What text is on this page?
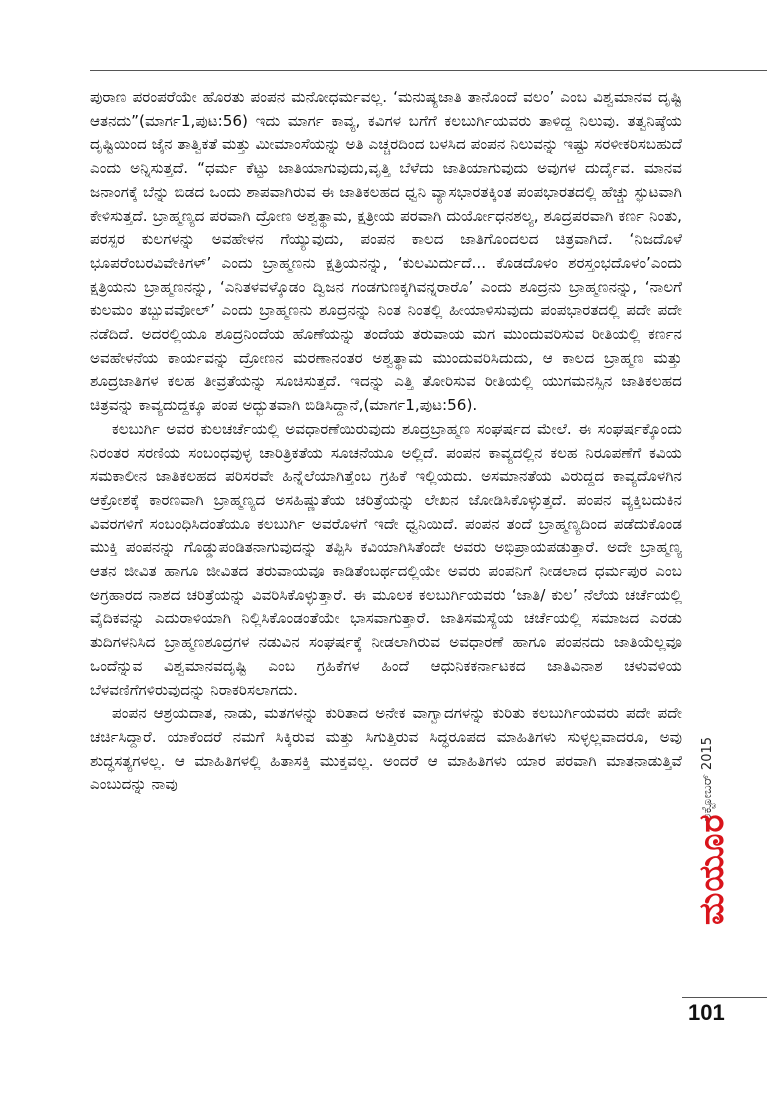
ಪುರಾಣ ಪರಂಪರೆಯೇ ಹೊರತು ಪಂಪನ ಮನೋಧರ್ಮವಲ್ಲ. ‘ಮನುಷ್ಯಜಾತಿ ತಾನೊಂದೆ ವಲಂ’ ಎಂಬ ವಿಶ್ವಮಾನವ ದೃಷ್ಟಿ ಆತನದು”(ಮಾರ್ಗ1,ಪುಟ:56) ಇದು ಮಾರ್ಗ ಕಾವ್ಯ, ಕವಿಗಳ ಬಗೆಗೆ ಕಲಬುರ್ಗಿಯವರು ತಾಳಿದ್ದ ನಿಲುವು. ತತ್ವನಿಷ್ಠೆಯ ದೃಷ್ಟಿಯಿಂದ ಜೈನ ತಾತ್ವಿಕತೆ ಮತ್ತು ಮೀಮಾಂಸೆಯನ್ನು ಅತಿ ಎಚ್ಚರದಿಂದ ಬಳಸಿದ ಪಂಪನ ನಿಲುವನ್ನು ಇಷ್ಟು ಸರಳೀಕರಿಸಬಹುದೆ ಎಂದು ಅನ್ನಿಸುತ್ತದೆ. “ಧರ್ಮ ಕೆಟ್ಟು ಜಾತಿಯಾಗುವುದು,ವೃತ್ತಿ ಬೆಳೆದು ಜಾತಿಯಾಗುವುದು ಅವುಗಳ ದುರ್ದೈವ. ಮಾನವ ಜನಾಂಗಕ್ಕೆ ಬೆನ್ನು ಬಿಡದ ಒಂದು ಶಾಪವಾಗಿರುವ ಈ ಜಾತಿಕಲಹದ ಧ್ವನಿ ವ್ಯಾಸಭಾರತಕ್ಕಿಂತ ಪಂಪಭಾರತದಲ್ಲಿ ಹೆಚ್ಚು ಸ್ಫುಟವಾಗಿ ಕೇಳಿಸುತ್ತದೆ. ಬ್ರಾಹ್ಮಣ್ಯದ ಪರವಾಗಿ ದ್ರೋಣ ಅಶ್ವತ್ಥಾಮ, ಕ್ಷತ್ರೀಯ ಪರವಾಗಿ ದುರ್ಯೋಧನಶಲ್ಯ, ಶೂದ್ರಪರವಾಗಿ ಕರ್ಣ ನಿಂತು, ಪರಸ್ಪರ ಕುಲಗಳನ್ನು ಅವಹೇಳನ ಗೆಯ್ಯುವುದು, ಪಂಪನ ಕಾಲದ ಜಾತಿಗೊಂದಲದ ಚಿತ್ರವಾಗಿದೆ. ‘ನಿಜದೊಳೆ ಭೂಪರೆಂಬರವಿವೇಕಿಗಳ್’ ಎಂದು ಬ್ರಾಹ್ಮಣನು ಕ್ಷತ್ರಿಯನನ್ನು, ‘ಕುಲಮಿರ್ದುದೆ... ಕೊಡದೊಳಂ ಶರಸ್ತಂಭದೊಳಂ’ಎಂದು ಕ್ಷತ್ರಿಯನು ಬ್ರಾಹ್ಮಣನನ್ನು, ‘ಎನಿತಳವಳ್ಕೊಡಂ ದ್ವಿಜನ ಗಂಡಗುಣಕ್ಕಗಿವನ್ನರಾರೊ’ ಎಂದು ಶೂದ್ರನು ಬ್ರಾಹ್ಮಣನನ್ನು, ‘ನಾಲಗೆ ಕುಲಮಂ ತಬ್ಬುವವೋಲ್’ ಎಂದು ಬ್ರಾಹ್ಮಣನು ಶೂದ್ರನನ್ನು ನಿಂತ ನಿಂತಲ್ಲಿ ಹೀಯಾಳಿಸುವುದು ಪಂಪಭಾರತದಲ್ಲಿ ಪದೇ ಪದೇ ನಡೆದಿದೆ. ಅದರಲ್ಲಿಯೂ ಶೂದ್ರನಿಂದೆಯ ಹೊಣೆಯನ್ನು ತಂದೆಯ ತರುವಾಯ ಮಗ ಮುಂದುವರಿಸುವ ರೀತಿಯಲ್ಲಿ ಕರ್ಣನ ಅವಹೇಳನೆಯ ಕಾರ್ಯವನ್ನು ದ್ರೋಣನ ಮರಣಾನಂತರ ಅಶ್ವತ್ಥಾಮ ಮುಂದುವರಿಸಿದುದು, ಆ ಕಾಲದ ಬ್ರಾಹ್ಮಣ ಮತ್ತು ಶೂದ್ರಜಾತಿಗಳ ಕಲಹ ತೀವ್ರತೆಯನ್ನು ಸೂಚಿಸುತ್ತದೆ. ಇದನ್ನು ಎತ್ತಿ ತೋರಿಸುವ ರೀತಿಯಲ್ಲಿ ಯುಗಮನಸ್ಸಿನ ಜಾತಿಕಲಹದ ಚಿತ್ರವನ್ನು ಕಾವ್ಯದುದ್ದಕ್ಕೂ ಪಂಪ ಅದ್ಭುತವಾಗಿ ಬಿಡಿಸಿದ್ದಾನೆ,(ಮಾರ್ಗ1,ಪುಟ:56).

ಕಲಬುರ್ಗಿ ಅವರ ಕುಲಚರ್ಚೆಯಲ್ಲಿ ಅವಧಾರಣೆಯಿರುವುದು ಶೂದ್ರಬ್ರಾಹ್ಮಣ ಸಂಘರ್ಷದ ಮೇಲೆ. ಈ ಸಂಘರ್ಷಕ್ಕೊಂದು ನಿರಂತರ ಸರಣಿಯ ಸಂಬಂಧವುಳ್ಳ ಚಾರಿತ್ರಿಕತೆಯ ಸೂಚನೆಯೂ ಅಲ್ಲಿದೆ. ಪಂಪನ ಕಾವ್ಯದಲ್ಲಿನ ಕಲಹ ನಿರೂಪಣೆಗೆ ಕವಿಯ ಸಮಕಾಲೀನ ಜಾತಿಕಲಹದ ಪರಿಸರವೇ ಹಿನ್ನೆಲೆಯಾಗಿತ್ತೆಂಬ ಗ್ರಹಿಕೆ ಇಲ್ಲಿಯದು. ಅಸಮಾನತೆಯ ವಿರುದ್ದದ ಕಾವ್ಯದೊಳಗಿನ ಆಕ್ರೋಶಕ್ಕೆ ಕಾರಣವಾಗಿ ಬ್ರಾಹ್ಮಣ್ಯದ ಅಸಹಿಷ್ಣುತೆಯ ಚರಿತ್ರೆಯನ್ನು ಲೇಖನ ಜೋಡಿಸಿಕೊಳ್ಳುತ್ತದೆ. ಪಂಪನ ವ್ಯಕ್ತಿಬದುಕಿನ ವಿವರಗಳಿಗೆ ಸಂಬಂಧಿಸಿದಂತೆಯೂ ಕಲಬುರ್ಗಿ ಅವರೊಳಗೆ ಇದೇ ಧ್ವನಿಯಿದೆ. ಪಂಪನ ತಂದೆ ಬ್ರಾಹ್ಮಣ್ಯದಿಂದ ಪಡೆದುಕೊಂಡ ಮುಕ್ತಿ ಪಂಪನನ್ನು ಗೊಡ್ಡುಪಂಡಿತನಾಗುವುದನ್ನು ತಪ್ಪಿಸಿ ಕವಿಯಾಗಿಸಿತೆಂದೇ ಅವರು ಅಭಿಪ್ರಾಯಪಡುತ್ತಾರೆ. ಅದೇ ಬ್ರಾಹ್ಮಣ್ಯ ಆತನ ಜೀವಿತ ಹಾಗೂ ಜೀವಿತದ ತರುವಾಯವೂ ಕಾಡಿತೆಂಬರ್ಥದಲ್ಲಿಯೇ ಅವರು ಪಂಪನಿಗೆ ನೀಡಲಾದ ಧರ್ಮಪುರ ಎಂಬ ಅಗ್ರಹಾರದ ನಾಶದ ಚರಿತ್ರೆಯನ್ನು ವಿವರಿಸಿಕೊಳ್ಳುತ್ತಾರೆ. ಈ ಮೂಲಕ ಕಲಬುರ್ಗಿಯವರು ‘ಜಾತಿ/ ಕುಲ’ ನೆಲೆಯ ಚರ್ಚೆಯಲ್ಲಿ ವೈದಿಕವನ್ನು ಎದುರಾಳಿಯಾಗಿ ನಿಲ್ಲಿಸಿಕೊಂಡಂತೆಯೇ ಭಾಸವಾಗುತ್ತಾರೆ. ಜಾತಿಸಮಸ್ಯೆಯ ಚರ್ಚೆಯಲ್ಲಿ ಸಮಾಜದ ಎರಡು ತುದಿಗಳನಿಸಿದ ಬ್ರಾಹ್ಮಣಶೂದ್ರಗಳ ನಡುವಿನ ಸಂಘರ್ಷಕ್ಕೆ ನೀಡಲಾಗಿರುವ ಅವಧಾರಣೆ ಹಾಗೂ ಪಂಪನದು ಜಾತಿಯೆಲ್ಲವೂ ಒಂದೆನ್ನುವ ವಿಶ್ವಮಾನವದೃಷ್ಟಿ ಎಂಬ ಗ್ರಹಿಕೆಗಳ ಹಿಂದೆ ಆಧುನಿಕಕರ್ನಾಟಕದ ಜಾತಿವಿನಾಶ ಚಳುವಳಿಯ ಬೆಳವಣಿಗೆಗಳಿರುವುದನ್ನು ನಿರಾಕರಿಸಲಾಗದು.

ಪಂಪನ ಆಶ್ರಯದಾತ, ನಾಡು, ಮತಗಳನ್ನು ಕುರಿತಾದ ಅನೇಕ ವಾಗ್ವಾದಗಳನ್ನು ಕುರಿತು ಕಲಬುರ್ಗಿಯವರು ಪದೇ ಪದೇ ಚರ್ಚಿಸಿದ್ದಾರೆ. ಯಾಕೆಂದರೆ ನಮಗೆ ಸಿಕ್ಕಿರುವ ಮತ್ತು ಸಿಗುತ್ತಿರುವ ಸಿದ್ಧರೂಪದ ಮಾಹಿತಿಗಳು ಸುಳ್ಳಲ್ಲವಾದರೂ, ಅವು ಶುದ್ಧಸತ್ಯಗಳಲ್ಲ. ಆ ಮಾಹಿತಿಗಳಲ್ಲಿ ಹಿತಾಸಕ್ತಿ ಮುಕ್ತವಲ್ಲ. ಅಂದರೆ ಆ ಮಾಹಿತಿಗಳು ಯಾರ ಪರವಾಗಿ ಮಾತನಾಡುತ್ತಿವೆ ಎಂಬುದನ್ನು ನಾವು	ಅಕ್ಟೋಬರ್ 2015
ಮಯೂರ
101
